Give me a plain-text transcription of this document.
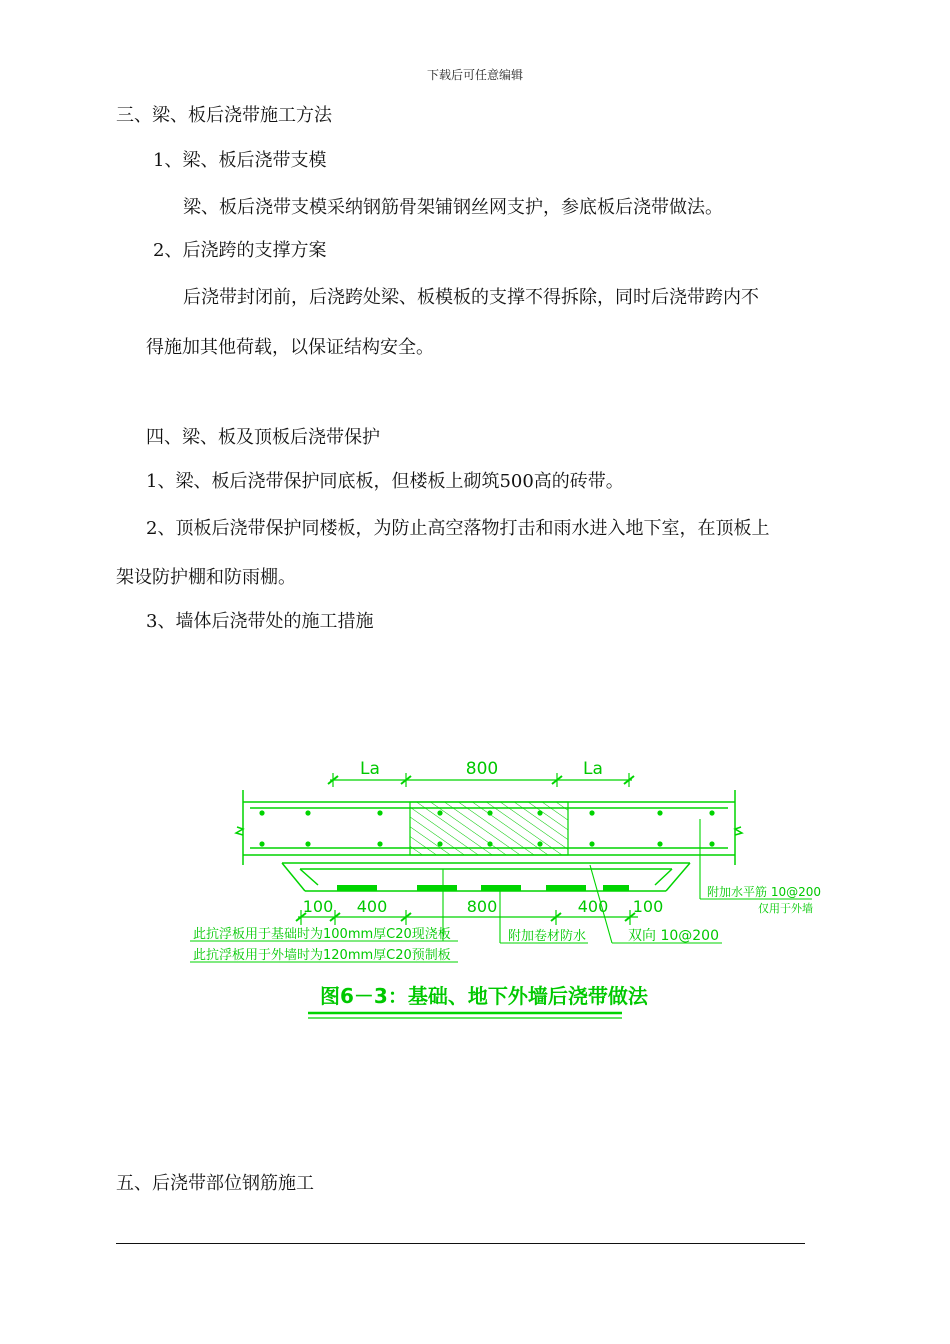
下载后可任意编辑
三、梁、板后浇带施工方法
1、梁、板后浇带支模
梁、板后浇带支模采纳钢筋骨架铺钢丝网支护，参底板后浇带做法。
2、后浇跨的支撑方案
后浇带封闭前，后浇跨处梁、板模板的支撑不得拆除，同时后浇带跨内不
得施加其他荷载，以保证结构安全。
四、梁、板及顶板后浇带保护
1、梁、板后浇带保护同底板，但楼板上砌筑500高的砖带。
2、顶板后浇带保护同楼板，为防止高空落物打击和雨水进入地下室，在顶板上
架设防护棚和防雨棚。
3、墙体后浇带处的施工措施
La	800	La
100 400	800	400 100
此抗浮板用于基础时为100mm厚C20现浇板
此抗浮板用于外墙时为120mm厚C20预制板
附加卷材防水	双向 10@200
附加水平筋 10@200
仅用于外墙
图6－3：基础、地下外墙后浇带做法
五、后浇带部位钢筋施工
